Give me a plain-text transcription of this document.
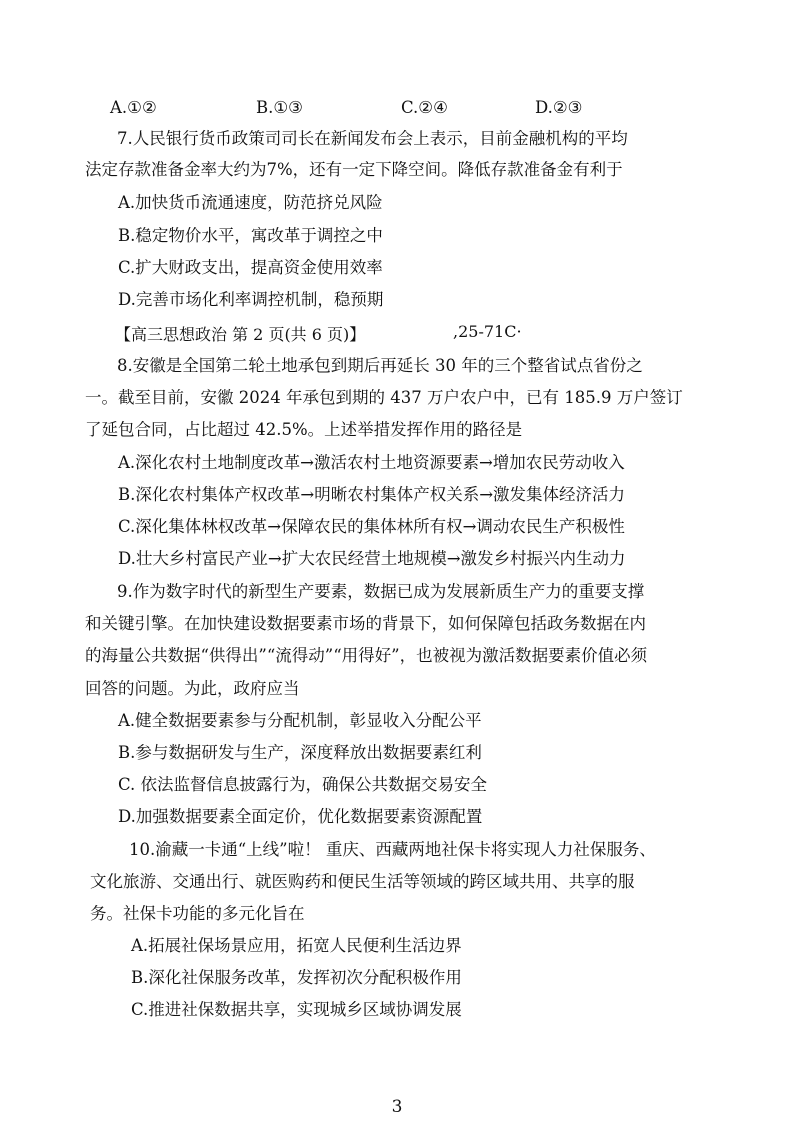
A.①②	B.①③	C.②④	D.②③
7.人民银行货币政策司司长在新闻发布会上表示，目前金融机构的平均
法定存款准备金率大约为7%，还有一定下降空间。降低存款准备金有利于
A.加快货币流通速度，防范挤兑风险
B.稳定物价水平，寓改革于调控之中
C.扩大财政支出，提高资金使用效率
D.完善市场化利率调控机制，稳预期
【高三思想政治 第 2 页(共 6 页)】	,25-71C·
8.安徽是全国第二轮土地承包到期后再延长 30 年的三个整省试点省份之
一。截至目前，安徽 2024 年承包到期的 437 万户农户中，已有 185.9 万户签订
了延包合同，占比超过 42.5%。上述举措发挥作用的路径是
A.深化农村土地制度改革→激活农村土地资源要素→增加农民劳动收入
B.深化农村集体产权改革→明晰农村集体产权关系→激发集体经济活力
C.深化集体林权改革→保障农民的集体林所有权→调动农民生产积极性
D.壮大乡村富民产业→扩大农民经营土地规模→激发乡村振兴内生动力
9.作为数字时代的新型生产要素，数据已成为发展新质生产力的重要支撑
和关键引擎。在加快建设数据要素市场的背景下，如何保障包括政务数据在内
的海量公共数据“供得出”“流得动”“用得好”，也被视为激活数据要素价值必须
回答的问题。为此，政府应当
A.健全数据要素参与分配机制，彰显收入分配公平
B.参与数据研发与生产，深度释放出数据要素红利
C. 依法监督信息披露行为，确保公共数据交易安全
D.加强数据要素全面定价，优化数据要素资源配置
10.渝藏一卡通“上线”啦！ 重庆、西藏两地社保卡将实现人力社保服务、
文化旅游、交通出行、就医购药和便民生活等领域的跨区域共用、共享的服
务。社保卡功能的多元化旨在
A.拓展社保场景应用，拓宽人民便利生活边界
B.深化社保服务改革，发挥初次分配积极作用
C.推进社保数据共享，实现城乡区域协调发展
3
